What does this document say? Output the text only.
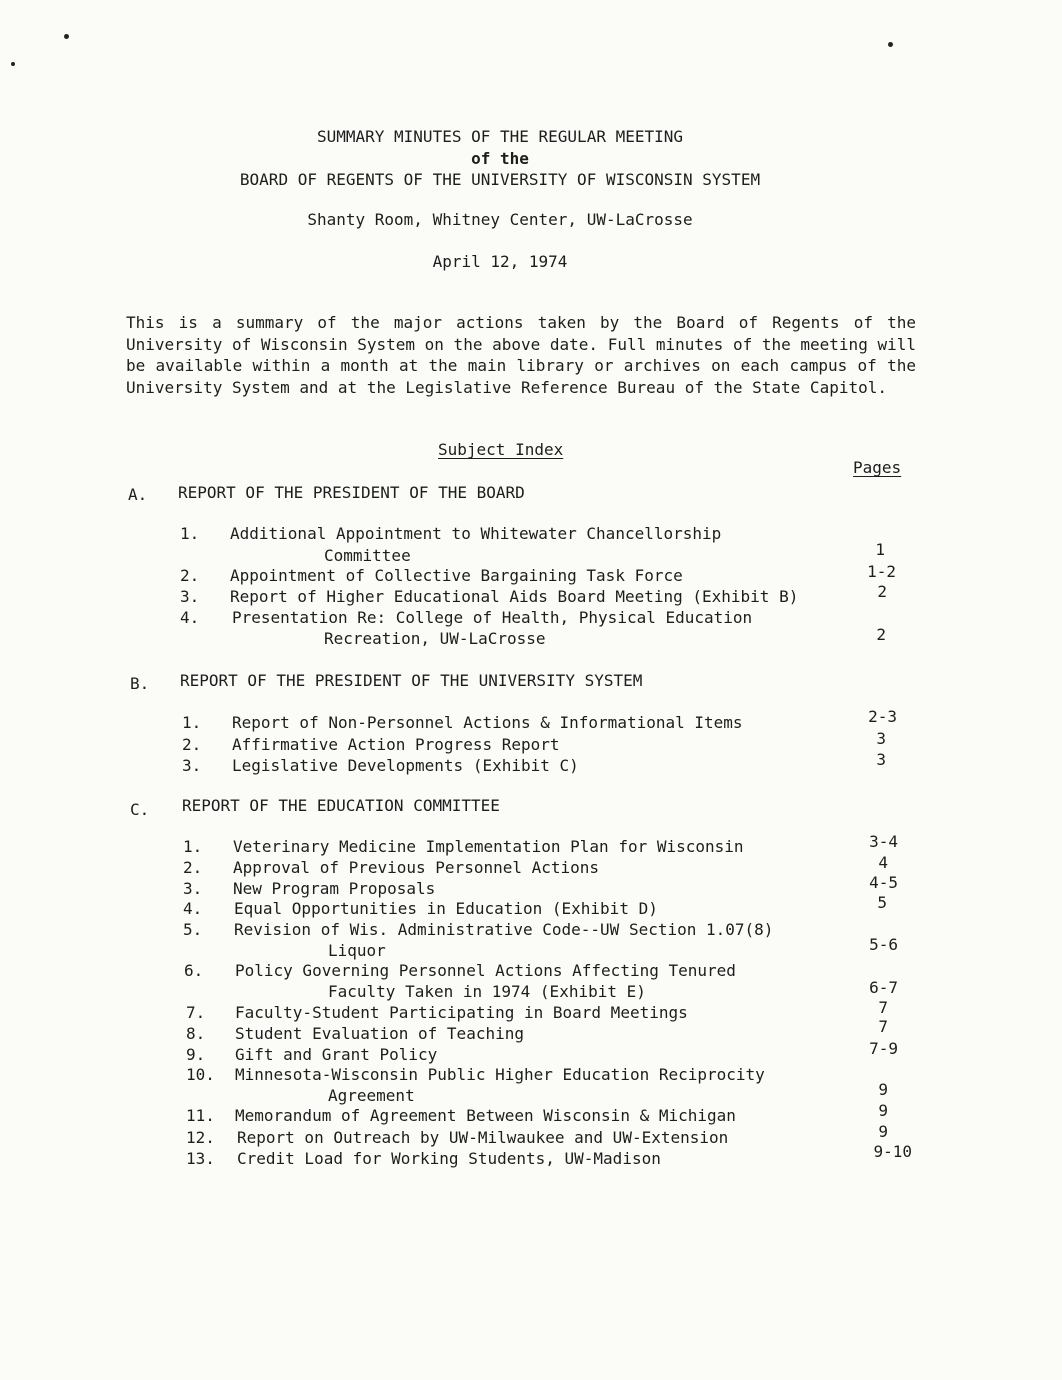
SUMMARY MINUTES OF THE REGULAR MEETING
of the
BOARD OF REGENTS OF THE UNIVERSITY OF WISCONSIN SYSTEM
Shanty Room, Whitney Center, UW-LaCrosse
April 12, 1974
This is a summary of the major actions taken by the Board of Regents of the University of Wisconsin System on the above date. Full minutes of the meeting will be available within a month at the main library or archives on each campus of the University System and at the Legislative Reference Bureau of the State Capitol.
Subject Index
Pages
A. REPORT OF THE PRESIDENT OF THE BOARD
1. Additional Appointment to Whitewater Chancellorship
Committee	1
2. Appointment of Collective Bargaining Task Force	1-2
3. Report of Higher Educational Aids Board Meeting (Exhibit B)	2
4. Presentation Re: College of Health, Physical Education
Recreation, UW-LaCrosse	2
B. REPORT OF THE PRESIDENT OF THE UNIVERSITY SYSTEM
1. Report of Non-Personnel Actions & Informational Items	2-3
2. Affirmative Action Progress Report	3
3. Legislative Developments (Exhibit C)	3
C. REPORT OF THE EDUCATION COMMITTEE
1. Veterinary Medicine Implementation Plan for Wisconsin	3-4
2. Approval of Previous Personnel Actions	4
3. New Program Proposals	4-5
4. Equal Opportunities in Education (Exhibit D)	5
5. Revision of Wis. Administrative Code--UW Section 1.07(8)
Liquor	5-6
6. Policy Governing Personnel Actions Affecting Tenured
Faculty Taken in 1974 (Exhibit E)	6-7
7. Faculty-Student Participating in Board Meetings	7
8. Student Evaluation of Teaching	7
9. Gift and Grant Policy	7-9
10. Minnesota-Wisconsin Public Higher Education Reciprocity
Agreement	9
11. Memorandum of Agreement Between Wisconsin & Michigan	9
12. Report on Outreach by UW-Milwaukee and UW-Extension	9
13. Credit Load for Working Students, UW-Madison	9-10
